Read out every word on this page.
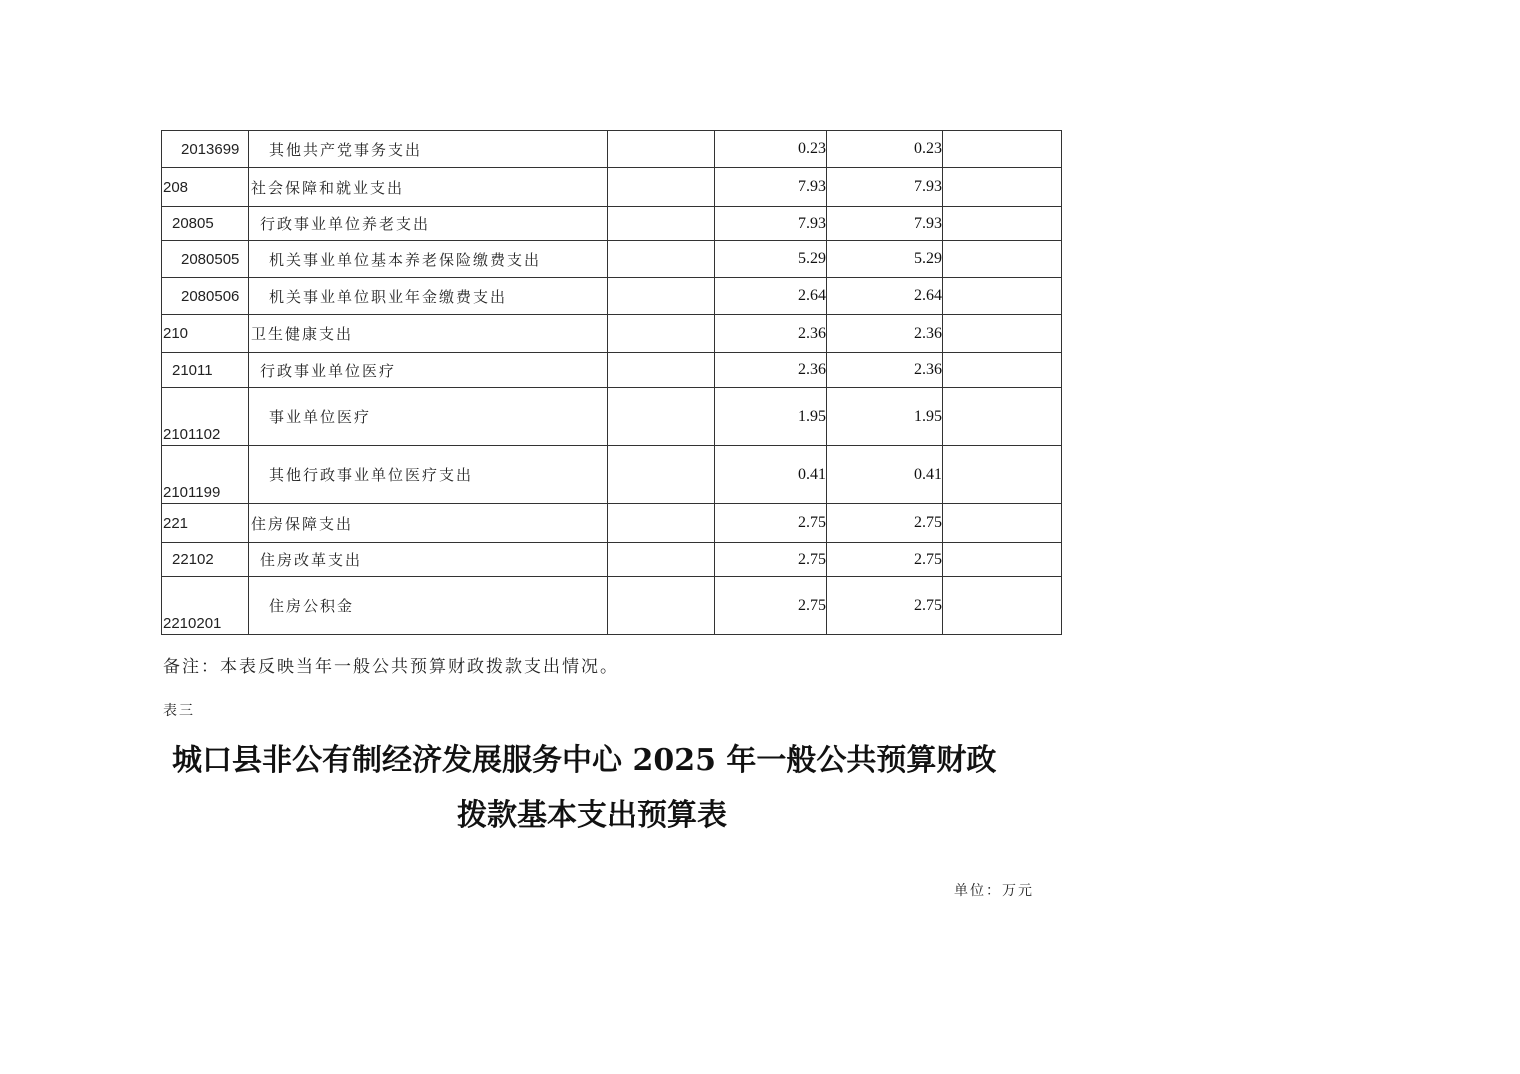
2013699	其他共产党事务支出		0.23	0.23	
208	社会保障和就业支出		7.93	7.93	
20805	行政事业单位养老支出		7.93	7.93	
2080505	机关事业单位基本养老保险缴费支出		5.29	5.29	
2080506	机关事业单位职业年金缴费支出		2.64	2.64	
210	卫生健康支出		2.36	2.36	
21011	行政事业单位医疗		2.36	2.36	
2101102	事业单位医疗		1.95	1.95	
2101199	其他行政事业单位医疗支出		0.41	0.41	
221	住房保障支出		2.75	2.75	
22102	住房改革支出		2.75	2.75	
2210201	住房公积金		2.75	2.75	
备注：本表反映当年一般公共预算财政拨款支出情况。
表三
城口县非公有制经济发展服务中心 2025 年一般公共预算财政
拨款基本支出预算表
单位：万元
